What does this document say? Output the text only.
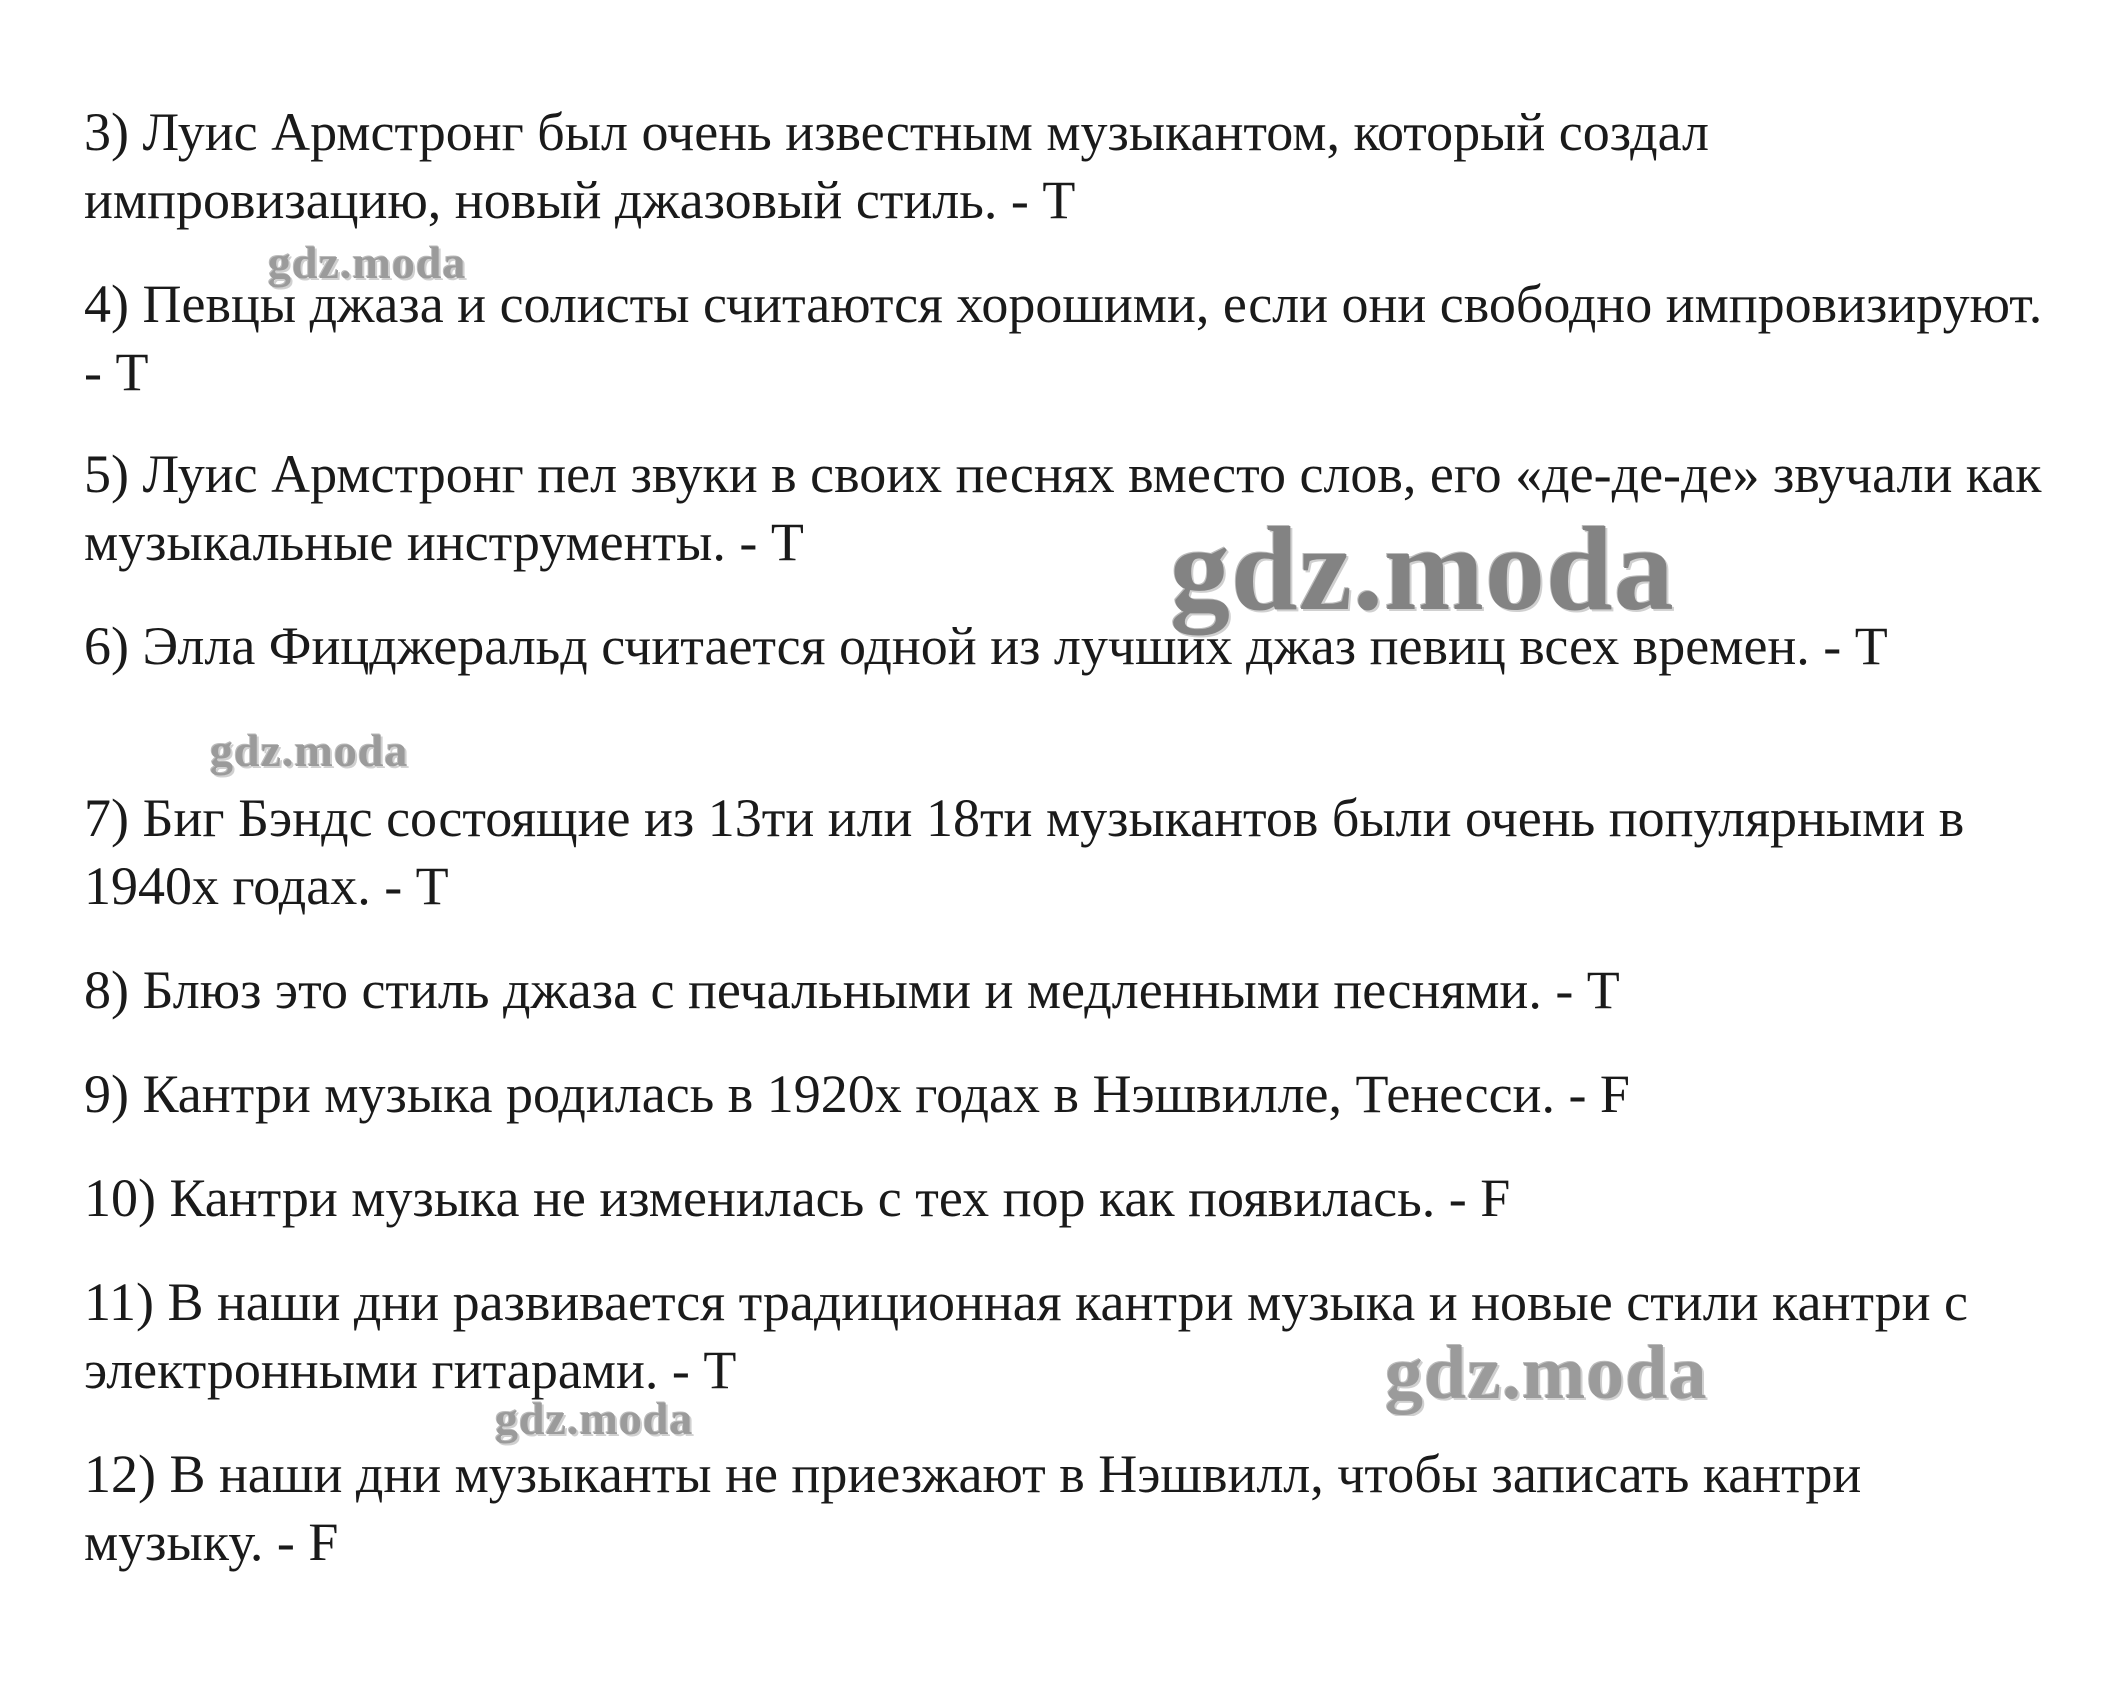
3) Луис Армстронг был очень известным музыкантом, который создал импровизацию, новый джазовый стиль. - T

4) Певцы джаза и солисты считаются хорошими, если они свободно импровизируют. - T

5) Луис Армстронг пел звуки в своих песнях вместо слов, его «де-де-де» звучали как музыкальные инструменты. - T

6) Элла Фицджеральд считается одной из лучших джаз певиц всех времен. - T

7) Биг Бэндс состоящие из 13ти или 18ти музыкантов были очень популярными в 1940х годах. - T

8) Блюз это стиль джаза с печальными и медленными песнями. - T

9) Кантри музыка родилась в 1920х годах в Нэшвилле, Тенесси. - F

10) Кантри музыка не изменилась с тех пор как появилась. - F

11) В наши дни развивается традиционная кантри музыка и новые стили кантри с электронными гитарами. - T

12) В наши дни музыканты не приезжают в Нэшвилл, чтобы записать кантри музыку. - F

gdz.moda
gdz.moda
gdz.moda
gdz.moda
gdz.moda
